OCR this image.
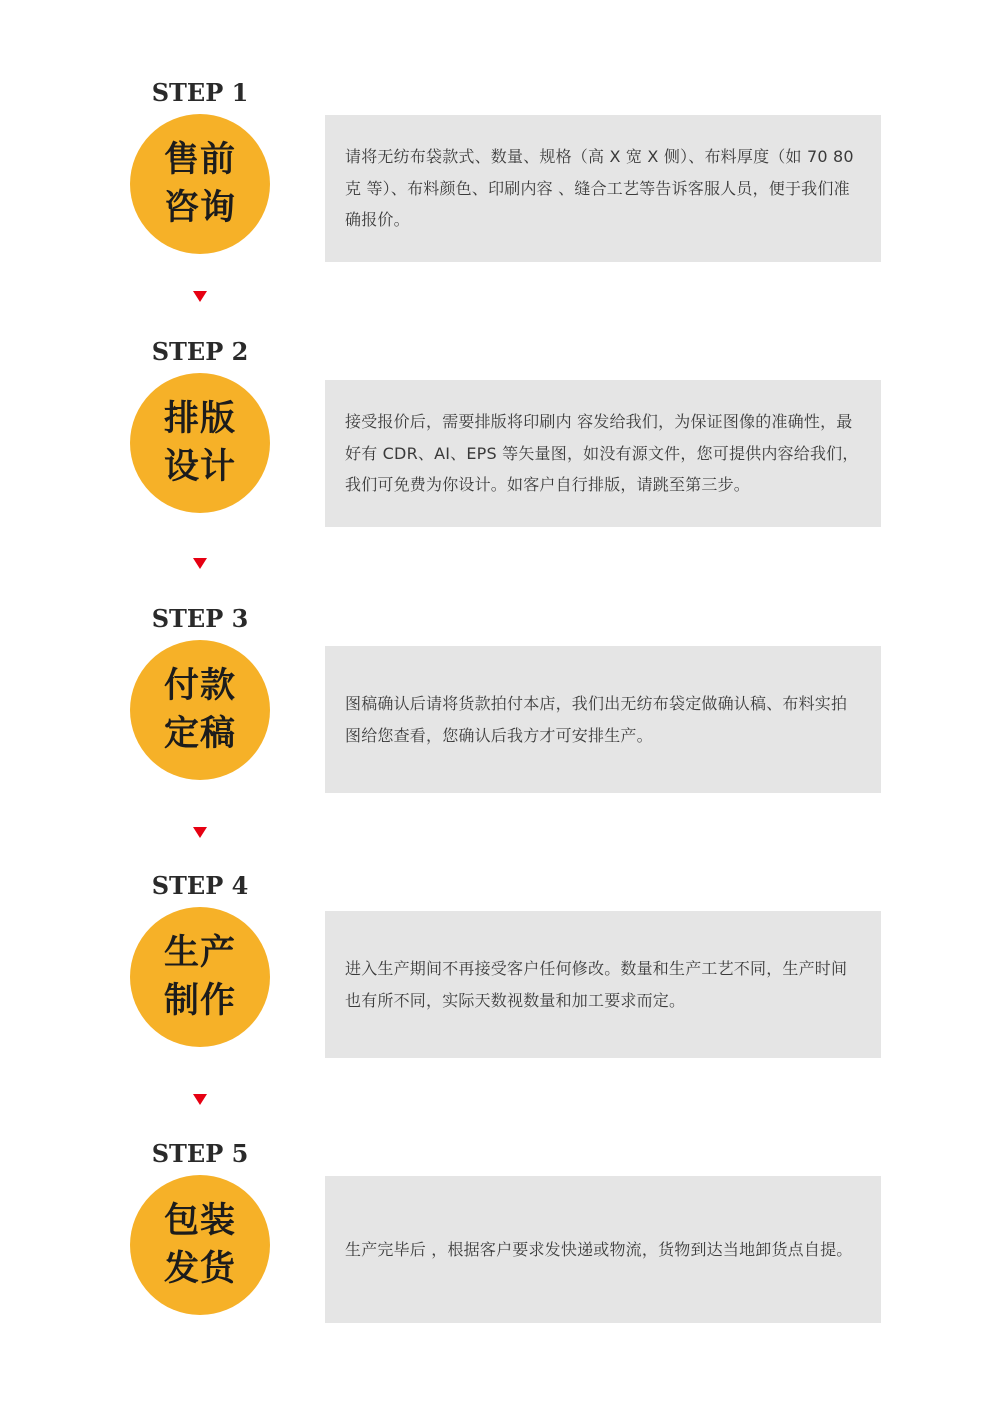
STEP 1
售前
咨询
请将无纺布袋款式、数量、规格（高 X 宽 X 侧）、布料厚度（如 70 80 克 等）、布料颜色、印刷内容 、缝合工艺等告诉客服人员，便于我们准确报价。
STEP 2
排版
设计
接受报价后，需要排版将印刷内 容发给我们，为保证图像的准确性，最好有 CDR、AI、EPS 等矢量图，如没有源文件，您可提供内容给我们，我们可免费为你设计。如客户自行排版，请跳至第三步。
STEP 3
付款
定稿
图稿确认后请将货款拍付本店，我们出无纺布袋定做确认稿、布料实拍图给您查看，您确认后我方才可安排生产。
STEP 4
生产
制作
进入生产期间不再接受客户任何修改。数量和生产工艺不同，生产时间也有所不同，实际天数视数量和加工要求而定。
STEP 5
包装
发货	生产完毕后 ，根据客户要求发快递或物流，货物到达当地卸货点自提。
